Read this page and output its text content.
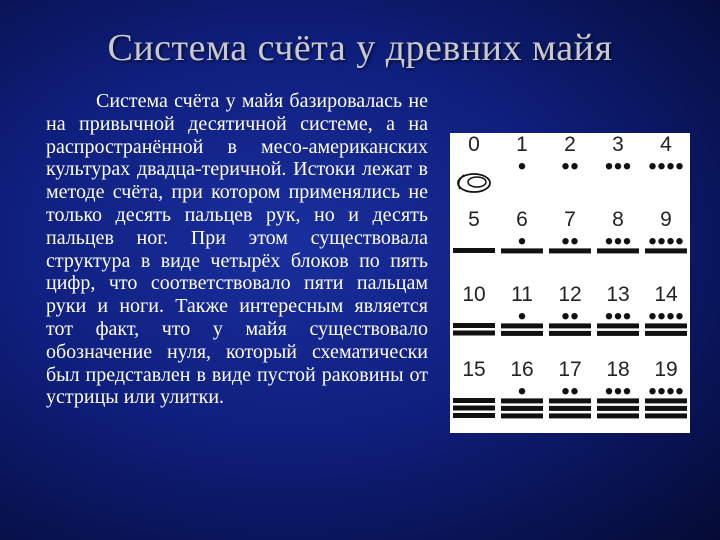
Система счёта у древних майя

Система счёта у майя базировалась не на привычной десятичной системе, а на распространённой в месо-американских культурах двадца-теричной. Истоки лежат в методе счёта, при котором применялись не только десять пальцев рук, но и десять пальцев ног. При этом существовала структура в виде четырёх блоков по пять цифр, что соответствовало пяти пальцам руки и ноги. Также интересным является тот факт, что у майя существовало обозначение нуля, который схематически был представлен в виде пустой раковины от устрицы или улитки.

0	1	2	3	4
5	6	7	8	9
10	11	12	13	14
15	16	17	18	19
